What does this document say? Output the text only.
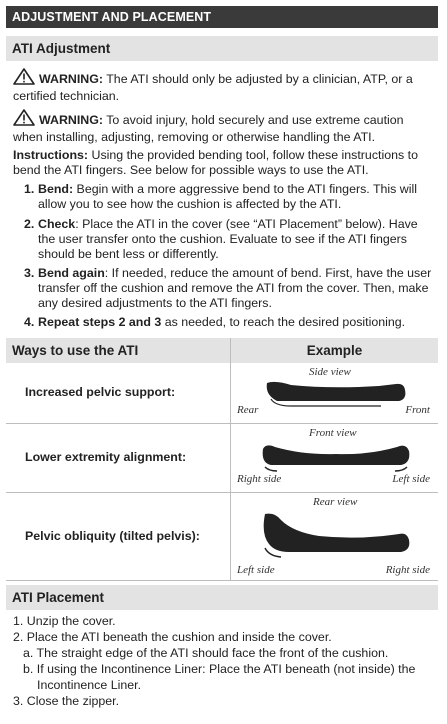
ADJUSTMENT AND PLACEMENT
ATI Adjustment
WARNING: The ATI should only be adjusted by a clinician, ATP, or a certified technician.
WARNING: To avoid injury, hold securely and use extreme caution when installing, adjusting, removing or otherwise handling the ATI.
Instructions: Using the provided bending tool, follow these instructions to bend the ATI fingers. See below for possible ways to use the ATI.
1. Bend: Begin with a more aggressive bend to the ATI fingers. This will allow you to see how the cushion is affected by the ATI.
2. Check: Place the ATI in the cover (see “ATI Placement” below). Have the user transfer onto the cushion. Evaluate to see if the ATI fingers should be bent less or differently.
3. Bend again: If needed, reduce the amount of bend. First, have the user transfer off the cushion and remove the ATI from the cover. Then, make any desired adjustments to the ATI fingers.
4. Repeat steps 2 and 3 as needed, to reach the desired positioning.
Ways to use the ATI	Example
Increased pelvic support:	Side view
Rear Front

Lower extremity alignment:	Front view
Right side Left side

Pelvic obliquity (tilted pelvis):	Rear view
Left side Right side
ATI Placement
1. Unzip the cover.
2. Place the ATI beneath the cushion and inside the cover.
a. The straight edge of the ATI should face the front of the cushion.
b. If using the Incontinence Liner: Place the ATI beneath (not inside) the
Incontinence Liner.
3. Close the zipper.
